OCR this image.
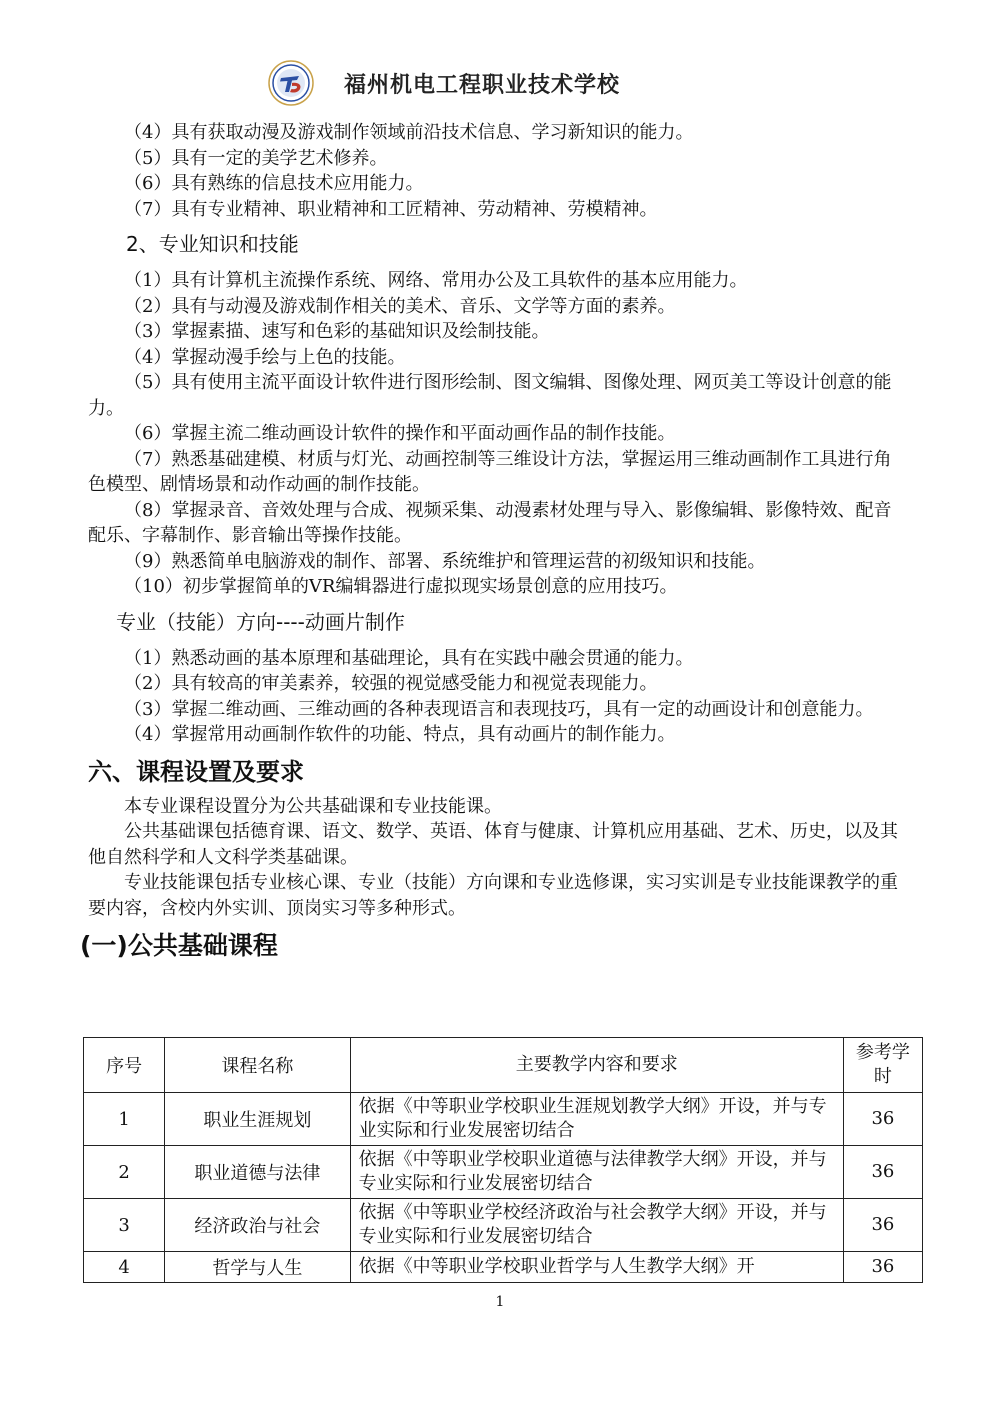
福州机电工程职业技术学校

（4）具有获取动漫及游戏制作领域前沿技术信息、学习新知识的能力。

（5）具有一定的美学艺术修养。

（6）具有熟练的信息技术应用能力。

（7）具有专业精神、职业精神和工匠精神、劳动精神、劳模精神。

2、专业知识和技能

（1）具有计算机主流操作系统、网络、常用办公及工具软件的基本应用能力。

（2）具有与动漫及游戏制作相关的美术、音乐、文学等方面的素养。

（3）掌握素描、速写和色彩的基础知识及绘制技能。

（4）掌握动漫手绘与上色的技能。

（5）具有使用主流平面设计软件进行图形绘制、图文编辑、图像处理、网页美工等设计创意的能力。

（6）掌握主流二维动画设计软件的操作和平面动画作品的制作技能。

（7）熟悉基础建模、材质与灯光、动画控制等三维设计方法，掌握运用三维动画制作工具进行角色模型、剧情场景和动作动画的制作技能。

（8）掌握录音、音效处理与合成、视频采集、动漫素材处理与导入、影像编辑、影像特效、配音配乐、字幕制作、影音输出等操作技能。

（9）熟悉简单电脑游戏的制作、部署、系统维护和管理运营的初级知识和技能。

（10）初步掌握简单的VR编辑器进行虚拟现实场景创意的应用技巧。

专业（技能）方向----动画片制作

（1）熟悉动画的基本原理和基础理论，具有在实践中融会贯通的能力。

（2）具有较高的审美素养，较强的视觉感受能力和视觉表现能力。

（3）掌握二维动画、三维动画的各种表现语言和表现技巧，具有一定的动画设计和创意能力。

（4）掌握常用动画制作软件的功能、特点，具有动画片的制作能力。

六、课程设置及要求

本专业课程设置分为公共基础课和专业技能课。

公共基础课包括德育课、语文、数学、英语、体育与健康、计算机应用基础、艺术、历史，以及其他自然科学和人文科学类基础课。

专业技能课包括专业核心课、专业（技能）方向课和专业选修课，实习实训是专业技能课教学的重要内容，含校内外实训、顶岗实习等多种形式。

(一)公共基础课程
序号	课程名称	主要教学内容和要求	参考学时
1	职业生涯规划	依据《中等职业学校职业生涯规划教学大纲》开设，并与专业实际和行业发展密切结合	36
2	职业道德与法律	依据《中等职业学校职业道德与法律教学大纲》开设，并与专业实际和行业发展密切结合	36
3	经济政治与社会	依据《中等职业学校经济政治与社会教学大纲》开设，并与专业实际和行业发展密切结合	36
4	哲学与人生	依据《中等职业学校职业哲学与人生教学大纲》开	36
1
